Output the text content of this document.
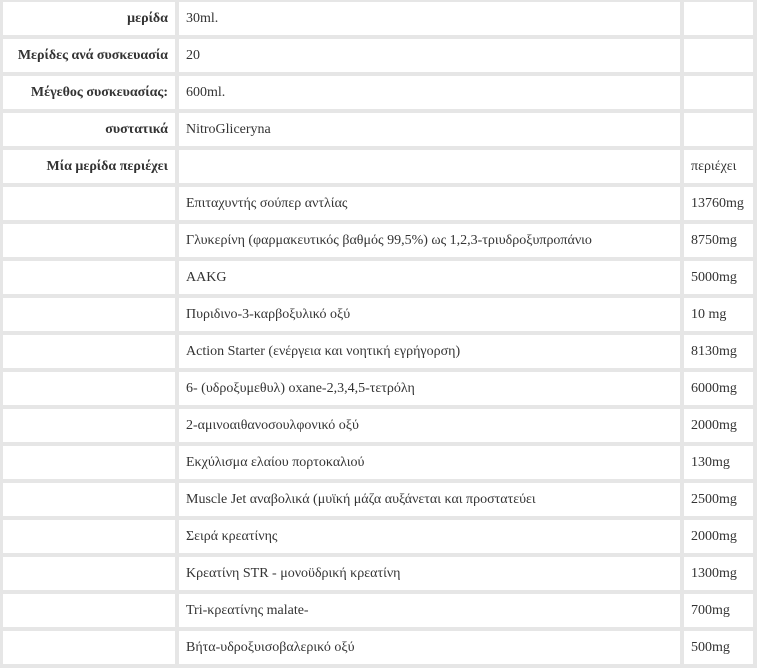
μερίδα	30ml.	
Μερίδες ανά συσκευασία	20	
Μέγεθος συσκευασίας:	600ml.	
συστατικά	NitroGliceryna	
Μία μερίδα περιέχει		περιέχει
	Επιταχυντής σούπερ αντλίας	13760mg
	Γλυκερίνη (φαρμακευτικός βαθμός 99,5%) ως 1,2,3-τριυδροξυπροπάνιο	8750mg
	AAKG	5000mg
	Πυριδινο-3-καρβοξυλικό οξύ	10 mg
	Action Starter (ενέργεια και νοητική εγρήγορση)	8130mg
	6- (υδροξυμεθυλ) oxane-2,3,4,5-τετρόλη	6000mg
	2-αμινοαιθανοσουλφονικό οξύ	2000mg
	Εκχύλισμα ελαίου πορτοκαλιού	130mg
	Muscle Jet αναβολικά (μυϊκή μάζα αυξάνεται και προστατεύει	2500mg
	Σειρά κρεατίνης	2000mg
	Κρεατίνη STR - μονοϋδρική κρεατίνη	1300mg
	Tri-κρεατίνης malate-	700mg
	Βήτα-υδροξυισοβαλερικό οξύ	500mg
